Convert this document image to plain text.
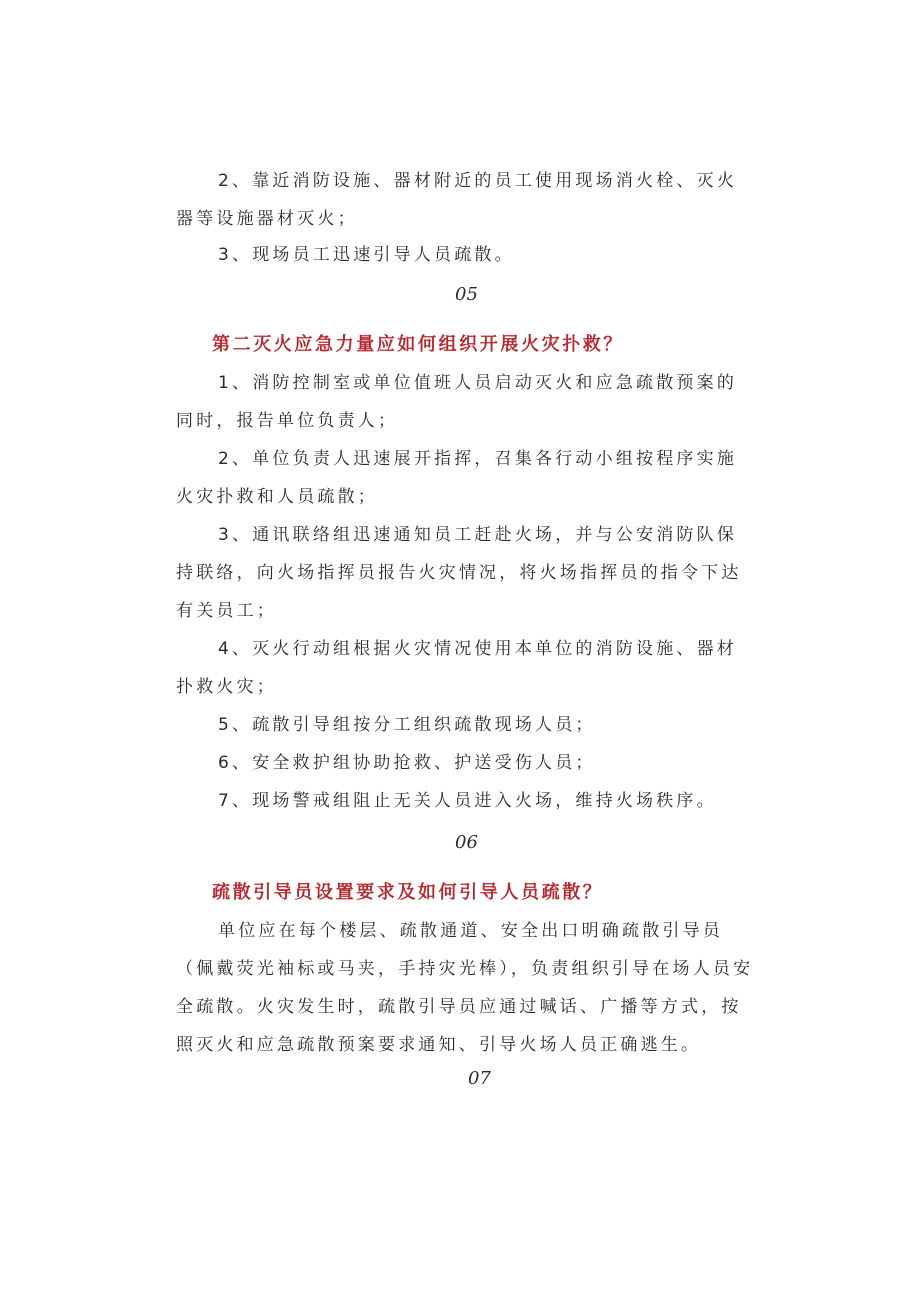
2、靠近消防设施、器材附近的员工使用现场消火栓、灭火器等设施器材灭火；

3、现场员工迅速引导人员疏散。

05

第二灭火应急力量应如何组织开展火灾扑救？

1、消防控制室或单位值班人员启动灭火和应急疏散预案的同时，报告单位负责人；

2、单位负责人迅速展开指挥，召集各行动小组按程序实施火灾扑救和人员疏散；

3、通讯联络组迅速通知员工赶赴火场，并与公安消防队保持联络，向火场指挥员报告火灾情况，将火场指挥员的指令下达有关员工；

4、灭火行动组根据火灾情况使用本单位的消防设施、器材扑救火灾；

5、疏散引导组按分工组织疏散现场人员；

6、安全救护组协助抢救、护送受伤人员；

7、现场警戒组阻止无关人员进入火场，维持火场秩序。

06

疏散引导员设置要求及如何引导人员疏散？

单位应在每个楼层、疏散通道、安全出口明确疏散引导员（佩戴荧光袖标或马夹，手持灾光棒），负责组织引导在场人员安全疏散。火灾发生时，疏散引导员应通过喊话、广播等方式，按照灭火和应急疏散预案要求通知、引导火场人员正确逃生。

07
